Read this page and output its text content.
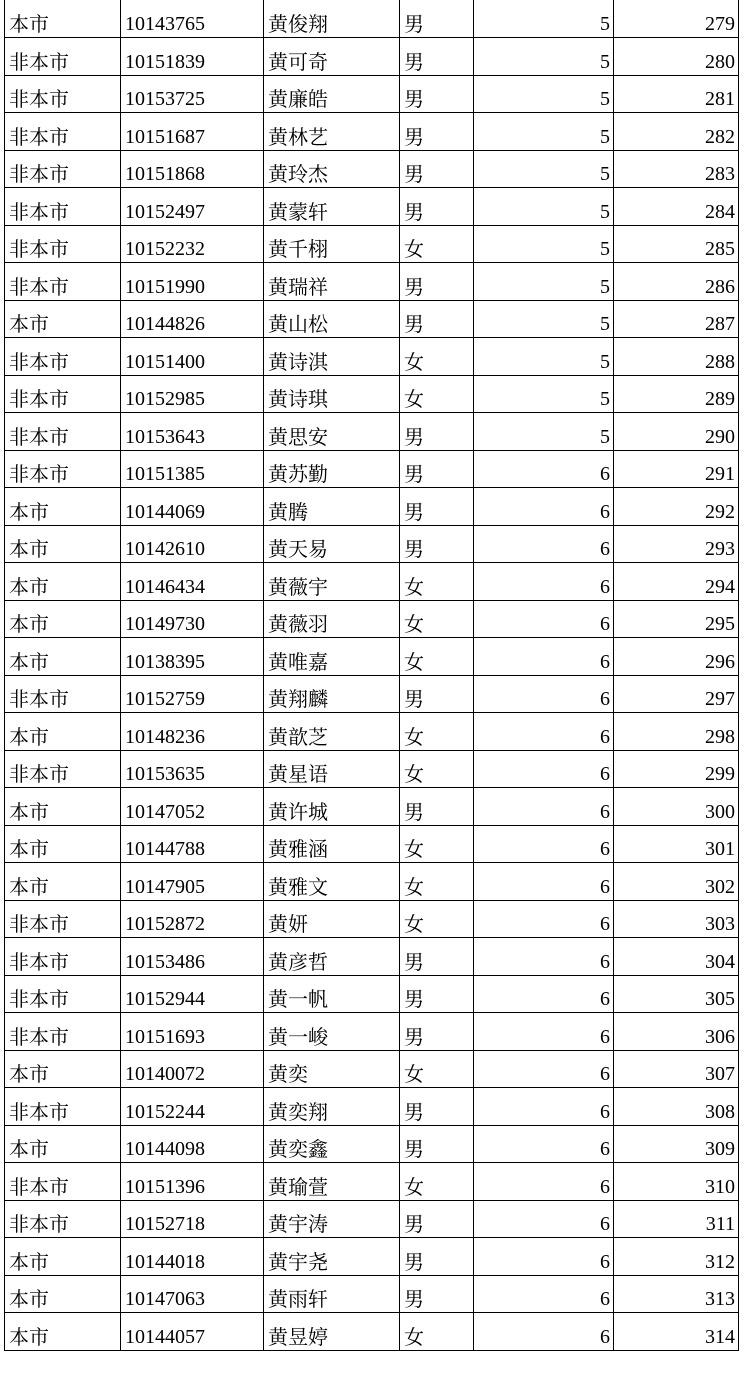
本市	10143765	黄俊翔	男	5	279
非本市	10151839	黄可奇	男	5	280
非本市	10153725	黄廉皓	男	5	281
非本市	10151687	黄林艺	男	5	282
非本市	10151868	黄玲杰	男	5	283
非本市	10152497	黄蒙轩	男	5	284
非本市	10152232	黄千栩	女	5	285
非本市	10151990	黄瑞祥	男	5	286
本市	10144826	黄山松	男	5	287
非本市	10151400	黄诗淇	女	5	288
非本市	10152985	黄诗琪	女	5	289
非本市	10153643	黄思安	男	5	290
非本市	10151385	黄苏勤	男	6	291
本市	10144069	黄腾	男	6	292
本市	10142610	黄天易	男	6	293
本市	10146434	黄薇宇	女	6	294
本市	10149730	黄薇羽	女	6	295
本市	10138395	黄唯嘉	女	6	296
非本市	10152759	黄翔麟	男	6	297
本市	10148236	黄歆芝	女	6	298
非本市	10153635	黄星语	女	6	299
本市	10147052	黄许城	男	6	300
本市	10144788	黄雅涵	女	6	301
本市	10147905	黄雅文	女	6	302
非本市	10152872	黄妍	女	6	303
非本市	10153486	黄彦哲	男	6	304
非本市	10152944	黄一帆	男	6	305
非本市	10151693	黄一峻	男	6	306
本市	10140072	黄奕	女	6	307
非本市	10152244	黄奕翔	男	6	308
本市	10144098	黄奕鑫	男	6	309
非本市	10151396	黄瑜萱	女	6	310
非本市	10152718	黄宇涛	男	6	311
本市	10144018	黄宇尧	男	6	312
本市	10147063	黄雨轩	男	6	313
本市	10144057	黄昱婷	女	6	314
